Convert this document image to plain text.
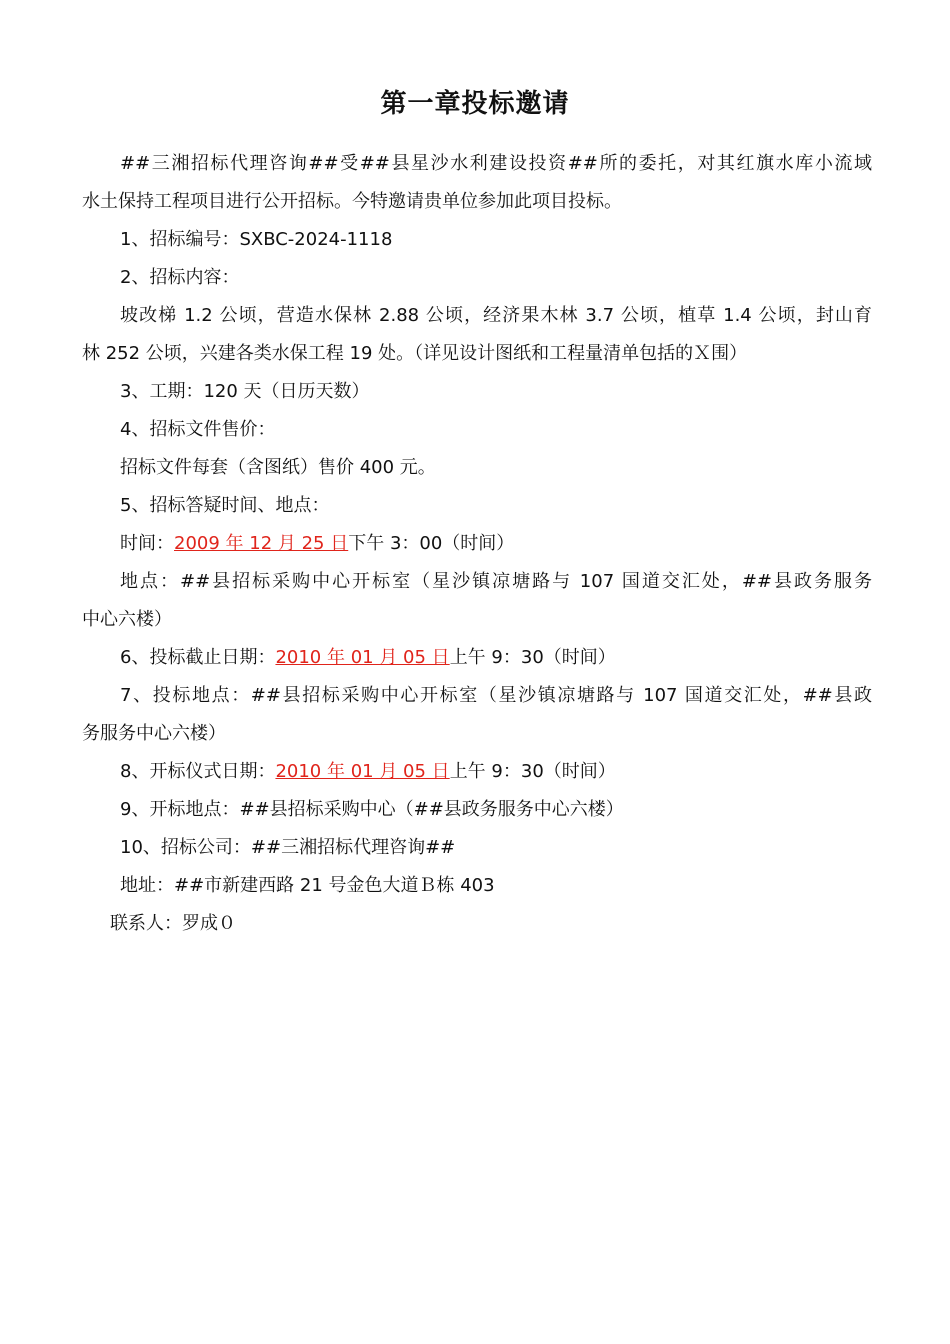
第一章投标邀请
##三湘招标代理咨询##受##县星沙水利建设投资##所的委托，对其红旗水库小流域
水土保持工程项目进行公开招标。今特邀请贵单位参加此项目投标。
1、招标编号：SXBC-2024-1118
2、招标内容：
坡改梯 1.2 公顷，营造水保林 2.88 公顷，经济果木林 3.7 公顷，植草 1.4 公顷，封山育
林 252 公顷，兴建各类水保工程 19 处。（详见设计图纸和工程量清单包括的Ｘ围）
3、工期：120 天（日历天数）
4、招标文件售价：
招标文件每套（含图纸）售价 400 元。
5、招标答疑时间、地点：
时间：2009 年 12 月 25 日下午 3：00（时间）
地点：##县招标采购中心开标室（星沙镇凉塘路与 107 国道交汇处，##县政务服务
中心六楼）
6、投标截止日期：2010 年 01 月 05 日上午 9：30（时间）
7、投标地点：##县招标采购中心开标室（星沙镇凉塘路与 107 国道交汇处，##县政
务服务中心六楼）
8、开标仪式日期：2010 年 01 月 05 日上午 9：30（时间）
9、开标地点：##县招标采购中心（##县政务服务中心六楼）
10、招标公司：##三湘招标代理咨询##
地址：##市新建西路 21 号金色大道Ｂ栋 403
联系人：罗成０
